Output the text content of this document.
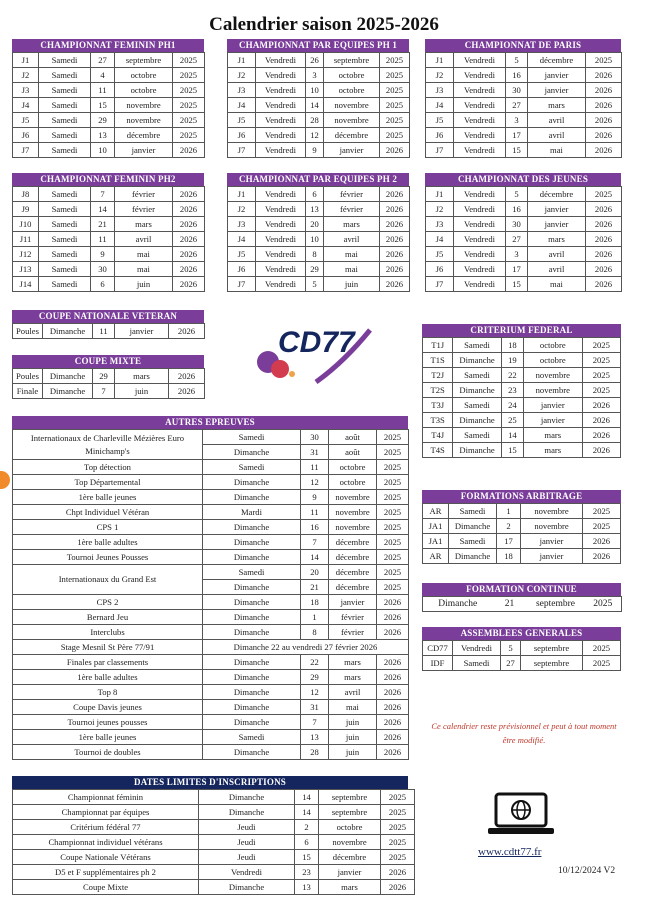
Calendrier saison 2025-2026
CHAMPIONNAT FEMININ PH1
J1	Samedi	27	septembre	2025
J2	Samedi	4	octobre	2025
J3	Samedi	11	octobre	2025
J4	Samedi	15	novembre	2025
J5	Samedi	29	novembre	2025
J6	Samedi	13	décembre	2025
J7	Samedi	10	janvier	2026
CHAMPIONNAT PAR EQUIPES PH 1
J1	Vendredi	26	septembre	2025
J2	Vendredi	3	octobre	2025
J3	Vendredi	10	octobre	2025
J4	Vendredi	14	novembre	2025
J5	Vendredi	28	novembre	2025
J6	Vendredi	12	décembre	2025
J7	Vendredi	9	janvier	2026
CHAMPIONNAT DE PARIS
J1	Vendredi	5	décembre	2025
J2	Vendredi	16	janvier	2026
J3	Vendredi	30	janvier	2026
J4	Vendredi	27	mars	2026
J5	Vendredi	3	avril	2026
J6	Vendredi	17	avril	2026
J7	Vendredi	15	mai	2026
CHAMPIONNAT FEMININ PH2
J8	Samedi	7	février	2026
J9	Samedi	14	février	2026
J10	Samedi	21	mars	2026
J11	Samedi	11	avril	2026
J12	Samedi	9	mai	2026
J13	Samedi	30	mai	2026
J14	Samedi	6	juin	2026
CHAMPIONNAT PAR EQUIPES PH 2
J1	Vendredi	6	février	2026
J2	Vendredi	13	février	2026
J3	Vendredi	20	mars	2026
J4	Vendredi	10	avril	2026
J5	Vendredi	8	mai	2026
J6	Vendredi	29	mai	2026
J7	Vendredi	5	juin	2026
CHAMPIONNAT DES JEUNES
J1	Vendredi	5	décembre	2025
J2	Vendredi	16	janvier	2026
J3	Vendredi	30	janvier	2026
J4	Vendredi	27	mars	2026
J5	Vendredi	3	avril	2026
J6	Vendredi	17	avril	2026
J7	Vendredi	15	mai	2026
COUPE NATIONALE VETERAN
Poules	Dimanche	11	janvier	2026
COUPE MIXTE
Poules	Dimanche	29	mars	2026
Finale	Dimanche	7	juin	2026
CD77	CRITERIUM FEDERAL
T1J	Samedi	18	octobre	2025
T1S	Dimanche	19	octobre	2025
T2J	Samedi	22	novembre	2025
T2S	Dimanche	23	novembre	2025
T3J	Samedi	24	janvier	2026
T3S	Dimanche	25	janvier	2026
T4J	Samedi	14	mars	2026
T4S	Dimanche	15	mars	2026
AUTRES EPREUVES
Internationaux de Charleville Mézières Euro Minichamp's	Samedi	30	août	2025
	Dimanche	31	août	2025
Top détection	Samedi	11	octobre	2025
Top Départemental	Dimanche	12	octobre	2025
1ère balle jeunes	Dimanche	9	novembre	2025
Chpt Individuel Vétéran	Mardi	11	novembre	2025
CPS 1	Dimanche	16	novembre	2025
1ère balle adultes	Dimanche	7	décembre	2025
Tournoi Jeunes Pousses	Dimanche	14	décembre	2025
Internationaux du Grand Est	Samedi	20	décembre	2025
	Dimanche	21	décembre	2025
CPS 2	Dimanche	18	janvier	2026
Bernard Jeu	Dimanche	1	février	2026
Interclubs	Dimanche	8	février	2026
Stage Mesnil St Père 77/91	Dimanche 22 au vendredi 27 février 2026			
Finales par classements	Dimanche	22	mars	2026
1ère balle adultes	Dimanche	29	mars	2026
Top 8	Dimanche	12	avril	2026
Coupe Davis jeunes	Dimanche	31	mai	2026
Tournoi jeunes pousses	Dimanche	7	juin	2026
1ère balle jeunes	Samedi	13	juin	2026
Tournoi de doubles	Dimanche	28	juin	2026
FORMATIONS ARBITRAGE
AR	Samedi	1	novembre	2025
JA1	Dimanche	2	novembre	2025
JA1	Samedi	17	janvier	2026
AR	Dimanche	18	janvier	2026
FORMATION CONTINUE
Dimanche	21	septembre	2025
ASSEMBLEES GENERALES
CD77	Vendredi	5	septembre	2025
IDF	Samedi	27	septembre	2025
Ce calendrier reste prévisionnel et peut à tout moment être modifié.
DATES LIMITES D'INSCRIPTIONS
Championnat féminin	Dimanche	14	septembre	2025
Championnat par équipes	Dimanche	14	septembre	2025
Critérium fédéral 77	Jeudi	2	octobre	2025
Championnat individuel vétérans	Jeudi	6	novembre	2025
Coupe Nationale Vétérans	Jeudi	15	décembre	2025
D5 et F supplémentaires ph 2	Vendredi	23	janvier	2026
Coupe Mixte	Dimanche	13	mars	2026
www.cdtt77.fr
10/12/2024 V2
